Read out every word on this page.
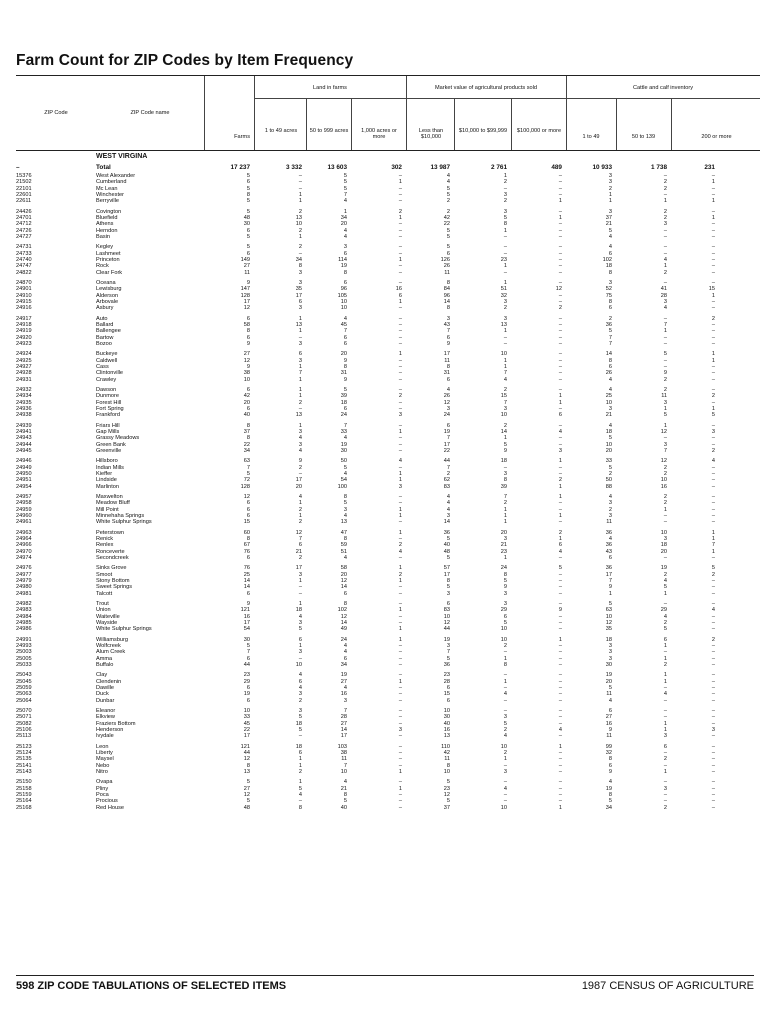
Farm Count for ZIP Codes by Item Frequency
ZIP Code	ZIP Code name
Farms
Land in farms
1 to 49 acres	50 to 999 acres	1,000 acres or more
Market value of agricultural products sold
Less than $10,000
$10,000 to $99,999	$100,000 or more
Cattle and calf inventory
1 to 49	50 to 139	200 or more
WEST VIRGINA
–	Total	17 237	3 332	13 603	302	13 987	2 761	489	10 933	1 738	231
15376	West Alexander	5	–	5	–	4	1	–	3	–	–
21502	Cumberland	6	–	5	1	4	2	–	3	2	1
22101	Mc Lean	5	–	5	–	5	–	–	2	2	–
22601	Winchester	8	1	7	–	5	3	–	1	–	–
22611	Berryville	5	1	4	–	2	2	1	1	1	1
24426	Covington	5	2	1	2	2	3	–	3	2	–
24701	Bluefield	48	13	34	1	42	5	1	37	2	1
24712	Athens	30	10	20	–	22	8	–	21	3	–
24726	Herndon	6	2	4	–	5	1	–	5	–	–
24727	Basin	5	1	4	–	5	–	–	4	–	–
24731	Kegley	5	2	3	–	5	–	–	4	–	–
24733	Lashmeet	6	–	6	–	6	–	–	6	–	–
24740	Princeton	149	34	114	1	126	23	–	102	4	–
24747	Rock	27	8	19	–	26	1	–	18	1	–
24822	Clear Fork	11	3	8	–	11	–	–	8	2	–
24870	Oceana	9	3	6	–	8	1	–	3	–	–
24901	Lewisburg	147	35	96	16	84	51	12	52	41	15
24910	Alderson	128	17	105	6	96	32	–	75	28	1
24915	Arbovale	17	6	10	1	14	3	–	8	3	–
24916	Asbury	12	3	10	–	8	2	2	6	4	–
24917	Auto	6	1	4	–	3	3	–	2	–	2
24918	Ballard	58	13	45	–	43	13	–	36	7	–
24919	Ballengee	8	1	7	–	7	1	–	5	1	–
24920	Bartow	6	–	6	–	6	–	–	7	–	–
24923	Bozoo	9	3	6	–	9	–	–	7	–	–
24924	Buckeye	27	6	20	1	17	10	–	14	5	1
24925	Caldwell	12	3	9	–	11	1	–	8	–	1
24927	Cass	9	1	8	–	8	1	–	6	–	–
24928	Clintonville	38	7	31	–	31	7	–	26	9	–
24931	Crawley	10	1	9	–	6	4	–	4	2	–
24932	Dawson	6	1	5	–	4	2	–	4	2	–
24934	Dunmore	42	1	39	2	26	15	1	25	11	2
24935	Forest Hill	20	2	18	–	12	7	1	10	3	–
24936	Fort Spring	6	–	6	–	3	3	–	3	1	1
24938	Frankford	40	13	24	3	24	10	6	21	5	5
24939	Friars Hill	8	1	7	–	6	2	–	4	1	–
24941	Gap Mills	37	3	33	1	19	14	4	18	12	3
24943	Grassy Meadows	8	4	4	–	7	1	–	5	–	–
24944	Green Bank	22	3	19	–	17	5	–	10	3	–
24945	Greenville	34	4	30	–	22	9	3	20	7	2
24946	Hillsboro	63	9	50	4	44	18	1	33	12	4
24949	Indian Mills	7	2	5	–	7	–	–	5	2	–
24950	Kieffer	5	–	4	1	2	3	–	2	2	–
24951	Lindside	72	17	54	1	62	8	2	50	10	–
24954	Marlinton	128	20	100	3	83	39	1	88	16	–
24957	Maxwelton	12	4	8	–	4	7	1	4	2	–
24958	Meadow Bluff	6	1	5	–	4	2	–	3	2	–
24959	Mill Point	6	2	3	1	4	1	–	2	1	–
24960	Minnehaha Springs	6	1	4	1	3	1	1	3	–	–
24961	White Sulphur Springs	15	2	13	–	14	1	–	11	–	–
24963	Peterstown	60	12	47	1	36	20	2	36	10	1
24964	Renick	8	7	8	–	5	3	1	4	3	1
24966	Renlex	67	6	59	2	40	21	6	36	18	7
24970	Ronceverte	76	21	51	4	48	23	4	43	20	1
24974	Secondcreek	6	2	4	–	5	1	–	6	–	–
24976	Sinks Grove	76	17	58	1	57	24	5	36	19	5
24977	Smoot	25	3	20	2	17	8	–	17	2	2
24979	Stony Bottom	14	1	12	1	8	5	–	7	4	–
24980	Sweet Springs	14	–	14	–	5	9	–	9	5	–
24981	Talcott	6	–	6	–	3	3	–	1	1	–
24982	Trout	9	1	8	–	6	3	–	5	–	–
24983	Union	121	18	102	1	83	29	9	63	29	4
24984	Waiteville	16	4	12	–	10	6	–	10	4	–
24985	Wayside	17	3	14	–	12	5	–	12	2	–
24986	White Sulphur Springs	54	5	49	1	44	10	–	35	5	–
24991	Williamsburg	30	6	24	1	19	10	1	18	6	2
24993	Wolfcreek	5	1	4	–	3	2	–	3	1	–
25003	Alum Creek	7	3	4	–	7	–	–	3	–	–
25005	Amma	6	–	6	–	5	1	–	3	1	–
25033	Buffalo	44	10	34	–	36	8	–	30	2	–
25043	Clay	23	4	19	–	23	–	–	19	1	–
25045	Clendenin	29	6	27	1	28	1	–	20	1	–
25059	Dawille	6	4	4	–	6	–	–	5	–	–
25063	Duck	19	3	16	–	15	4	–	11	4	–
25064	Dunbar	6	2	3	–	6	–	–	4	–	–
25070	Eleanor	10	3	7	–	10	–	–	6	–	–
25071	Elkview	33	5	28	–	30	3	–	27	–	–
25082	Fraziers Bottom	45	18	27	–	40	5	–	16	1	–
25106	Henderson	22	5	14	3	16	2	4	9	1	3
25113	Ivydale	17	–	17	–	13	4	–	11	3	–
25123	Leon	121	18	103	–	110	10	1	99	6	–
25124	Liberty	44	6	38	–	42	2	–	32	–	–
25135	Maysel	12	1	11	–	11	1	–	8	2	–
25141	Nebo	8	1	7	–	8	–	–	6	–	–
25143	Nitro	13	2	10	1	10	3	–	9	1	–
25150	Ovapa	5	1	4	–	5	–	–	4	–	–
25158	Pliny	27	5	21	1	23	4	–	19	3	–
25159	Poca	12	4	8	–	12	–	–	8	–	–
25164	Procious	5	–	5	–	5	–	–	5	–	–
25168	Red House	48	8	40	–	37	10	1	34	2	–
598 ZIP CODE TABULATIONS OF SELECTED ITEMS	1987 CENSUS OF AGRICULTURE
